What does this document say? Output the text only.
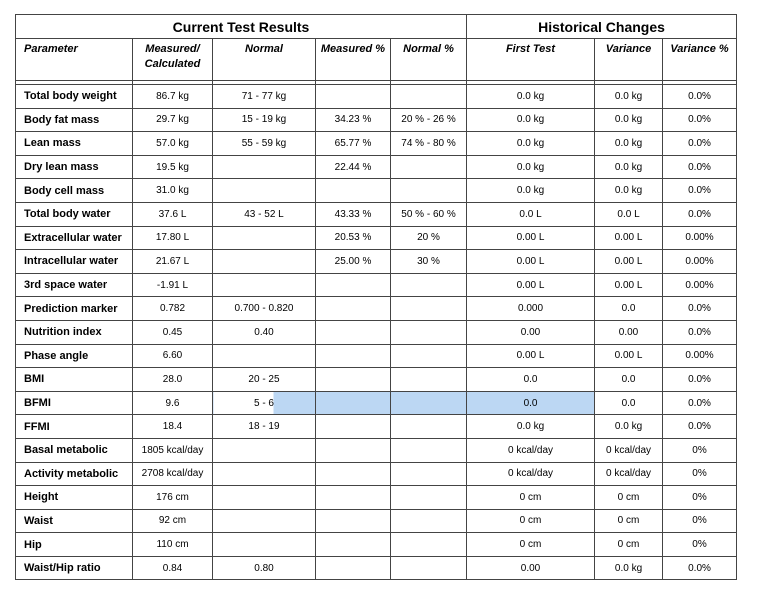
Current Test Results					Historical Changes		
Parameter	Measured/ Calculated	Normal	Measured %	Normal %	First Test	Variance	Variance %

Total body weight	86.7 kg	71 - 77 kg			0.0 kg	0.0 kg	0.0%
Body fat mass	29.7 kg	15 - 19 kg	34.23 %	20 % - 26 %	0.0 kg	0.0 kg	0.0%
Lean mass	57.0 kg	55 - 59 kg	65.77 %	74 % - 80 %	0.0 kg	0.0 kg	0.0%
Dry lean mass	19.5 kg		22.44 %		0.0 kg	0.0 kg	0.0%
Body cell mass	31.0 kg				0.0 kg	0.0 kg	0.0%
Total body water	37.6 L	43 - 52 L	43.33 %	50 % - 60 %	0.0 L	0.0 L	0.0%
Extracellular water	17.80 L		20.53 %	20 %	0.00 L	0.00 L	0.00%
Intracellular water	21.67 L		25.00 %	30 %	0.00 L	0.00 L	0.00%
3rd space water	-1.91 L				0.00 L	0.00 L	0.00%
Prediction marker	0.782	0.700 - 0.820			0.000	0.0	0.0%
Nutrition index	0.45	0.40			0.00	0.00	0.0%
Phase angle	6.60				0.00 L	0.00 L	0.00%
BMI	28.0	20 - 25			0.0	0.0	0.0%
BFMI	9.6	5 - 6			0.0	0.0	0.0%
FFMI	18.4	18 - 19			0.0 kg	0.0 kg	0.0%
Basal metabolic	1805 kcal/day				0 kcal/day	0 kcal/day	0%
Activity metabolic	2708 kcal/day				0 kcal/day	0 kcal/day	0%
Height	176 cm				0 cm	0 cm	0%
Waist	92 cm				0 cm	0 cm	0%
Hip	110 cm				0 cm	0 cm	0%
Waist/Hip ratio	0.84	0.80			0.00	0.0 kg	0.0%
